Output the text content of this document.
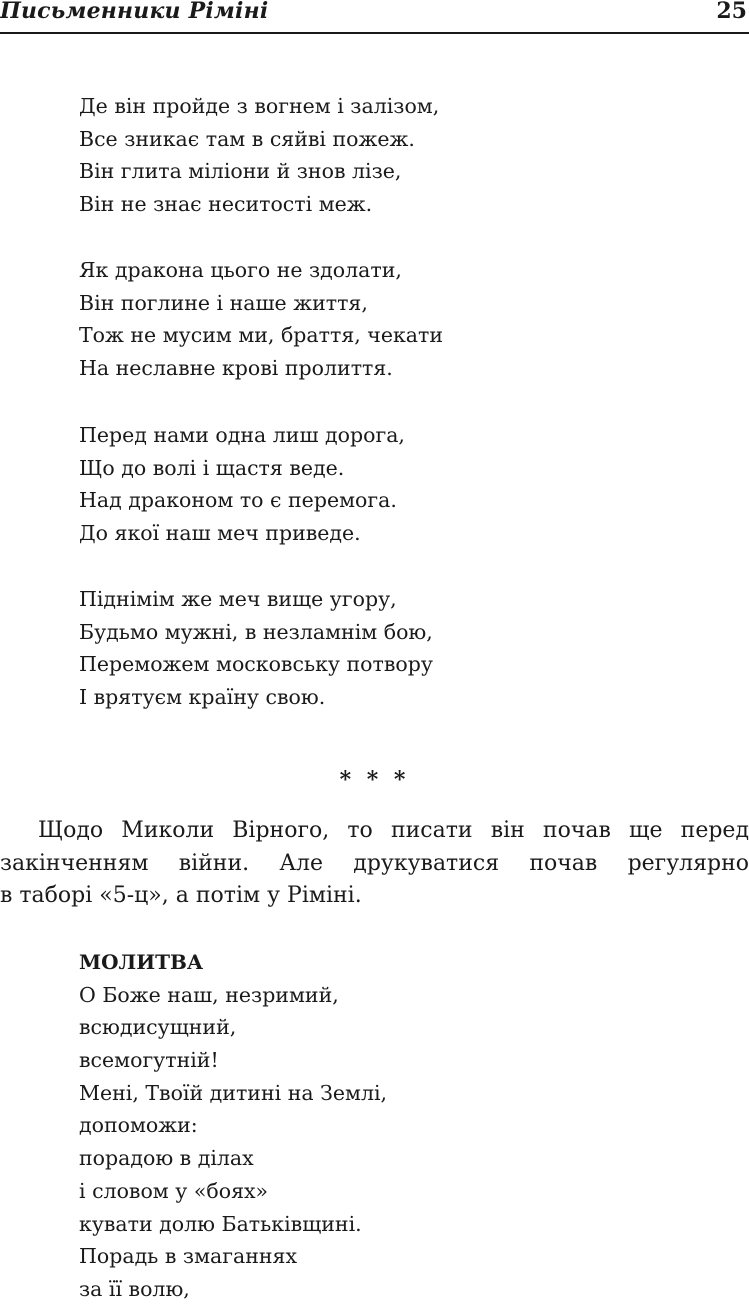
Письменники Ріміні	25
Де він пройде з вогнем і залізом,
Все зникає там в сяйві пожеж.
Він глита міліони й знов лізе,
Він не знає неситості меж.
Як дракона цього не здолати,
Він поглине і наше життя,
Тож не мусим ми, браття, чекати
На неславне крові пролиття.
Перед нами одна лиш дорога,
Що до волі і щастя веде.
Над драконом то є перемога.
До якої наш меч приведе.
Піднімім же меч вище угору,
Будьмо мужні, в незламнім бою,
Переможем московську потвору
І врятуєм країну свою.
* * *
Щодо Миколи Вірного, то писати він почав ще перед
закінченням війни. Але друкуватися почав регулярно
в таборі «5-ц», а потім у Ріміні.
МОЛИТВА
О Боже наш, незримий,
всюдисущний,
всемогутній!
Мені, Твоїй дитині на Землі,
допоможи:
порадою в ділах
і словом у «боях»
кувати долю Батьківщині.
Порадь в змаганнях
за її волю,
